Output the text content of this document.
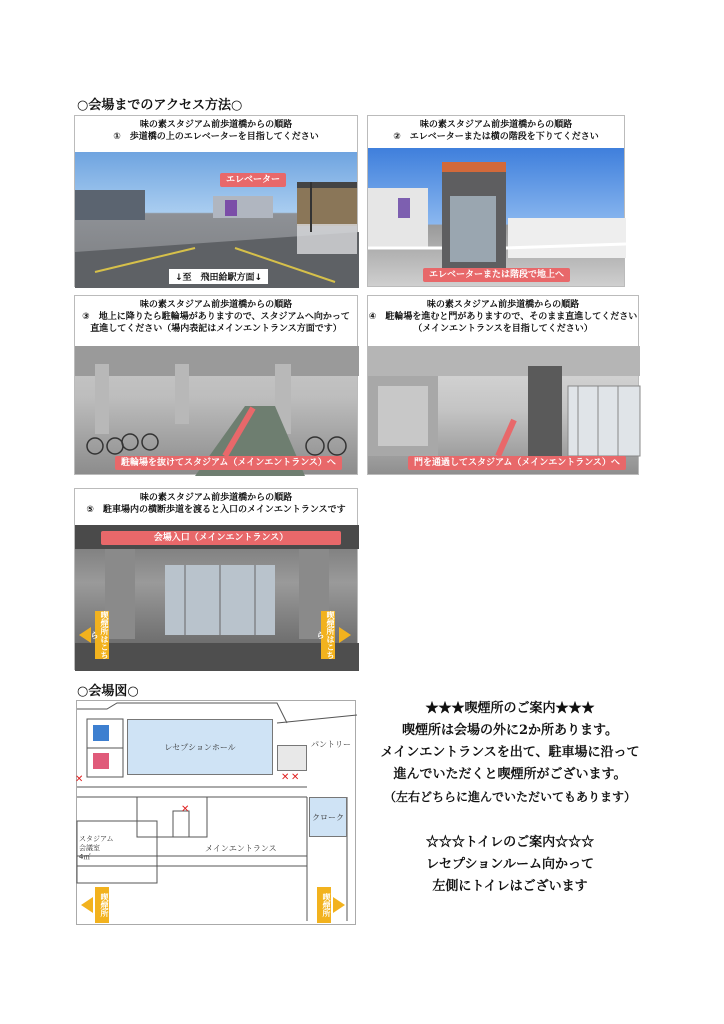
○会場までのアクセス方法○
味の素スタジアム前歩道橋からの順路
①　歩道橋の上のエレベーターを目指してください
エレベーター
↓至　飛田給駅方面↓
味の素スタジアム前歩道橋からの順路
②　エレベーターまたは横の階段を下りてください
エレベーターまたは階段で地上へ
味の素スタジアム前歩道橋からの順路
③　地上に降りたら駐輪場がありますので、スタジアムへ向かって
直進してください（場内表記はメインエントランス方面です）
駐輪場を抜けてスタジアム（メインエントランス）へ
味の素スタジアム前歩道橋からの順路
④　駐輪場を進むと門がありますので、そのまま直進してください
（メインエントランスを目指してください）
門を通過してスタジアム（メインエントランス）へ
味の素スタジアム前歩道橋からの順路
⑤　駐車場内の横断歩道を渡ると入口のメインエントランスです
会場入口（メインエントランス）
喫煙所はこちら	喫煙所はこちら
○会場図○
レセプションホール	パントリー
クローク
メインエントランス
スタジアム
会議室
4㎡
✕	✕ ✕
✕
喫煙所	喫煙所
★★★喫煙所のご案内★★★
喫煙所は会場の外に2か所あります。
メインエントランスを出て、駐車場に沿って
進んでいただくと喫煙所がございます。
（左右どちらに進んでいただいてもあります）
☆☆☆トイレのご案内☆☆☆
レセプションルーム向かって
左側にトイレはございます
